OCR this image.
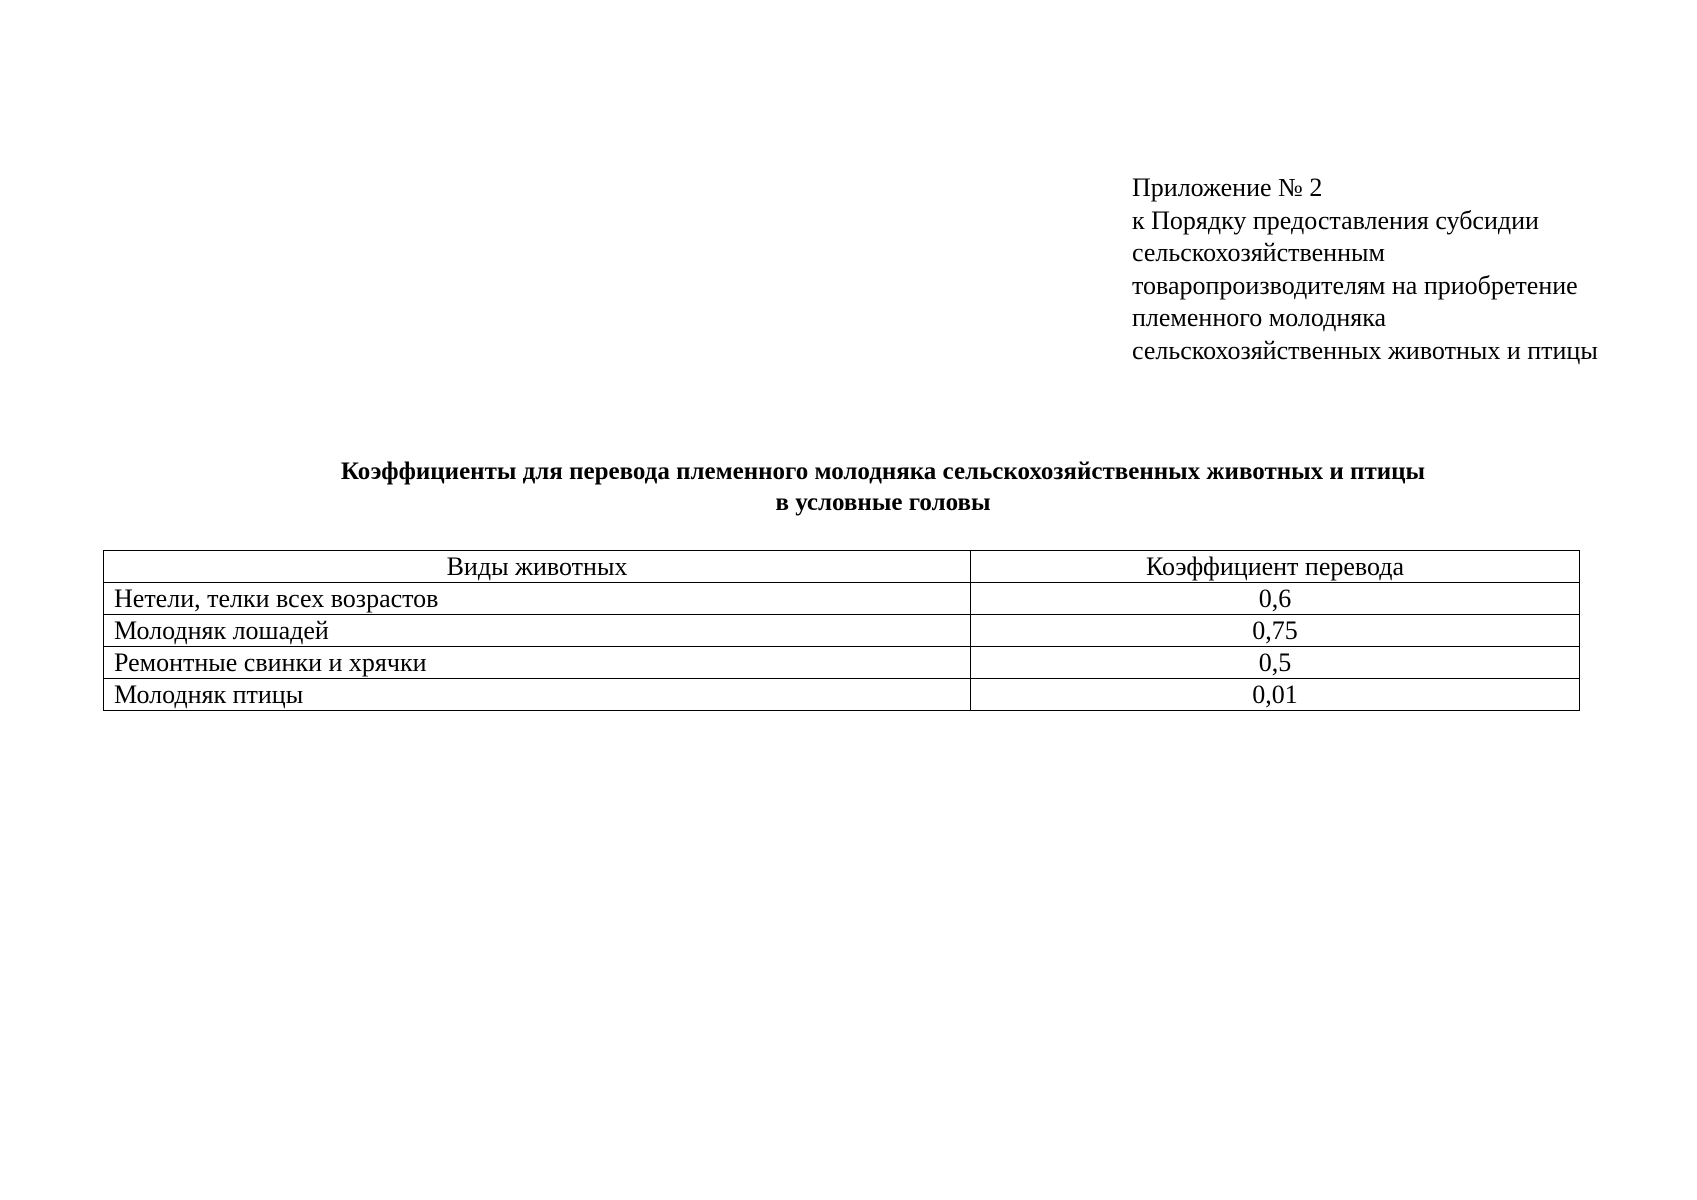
Приложение № 2
к Порядку предоставления субсидии
сельскохозяйственным
товаропроизводителям на приобретение
племенного молодняка
сельскохозяйственных животных и птицы
Коэффициенты для перевода племенного молодняка сельскохозяйственных животных и птицы
в условные головы
Виды животных	Коэффициент перевода
Нетели, телки всех возрастов	0,6
Молодняк лошадей	0,75
Ремонтные свинки и хрячки	0,5
Молодняк птицы	0,01
